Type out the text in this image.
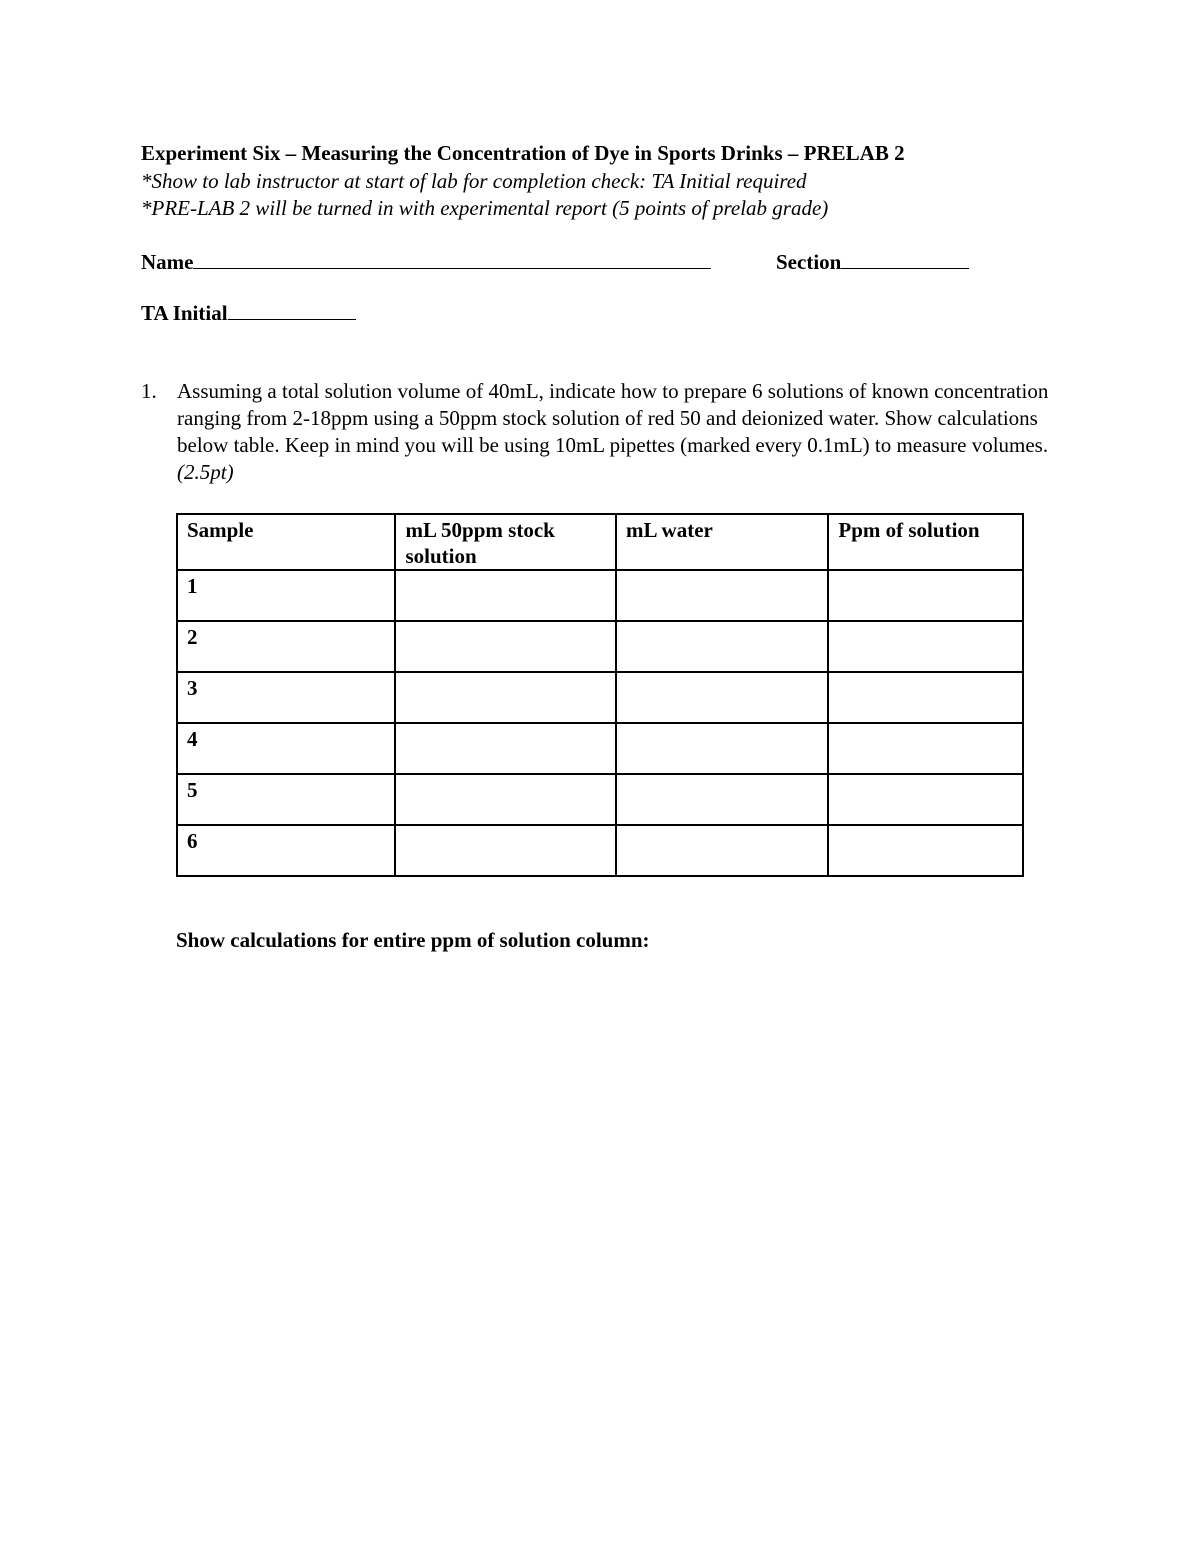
Experiment Six – Measuring the Concentration of Dye in Sports Drinks – PRELAB 2
*Show to lab instructor at start of lab for completion check: TA Initial required
*PRE-LAB 2 will be turned in with experimental report (5 points of prelab grade)
Name	Section
TA Initial
1. Assuming a total solution volume of 40mL, indicate how to prepare 6 solutions of known concentration ranging from 2-18ppm using a 50ppm stock solution of red 50 and deionized water. Show calculations below table. Keep in mind you will be using 10mL pipettes (marked every 0.1mL) to measure volumes. (2.5pt)
Sample	mL 50ppm stock solution	mL water	Ppm of solution
1			
2			
3			
4			
5			
6			
Show calculations for entire ppm of solution column:
